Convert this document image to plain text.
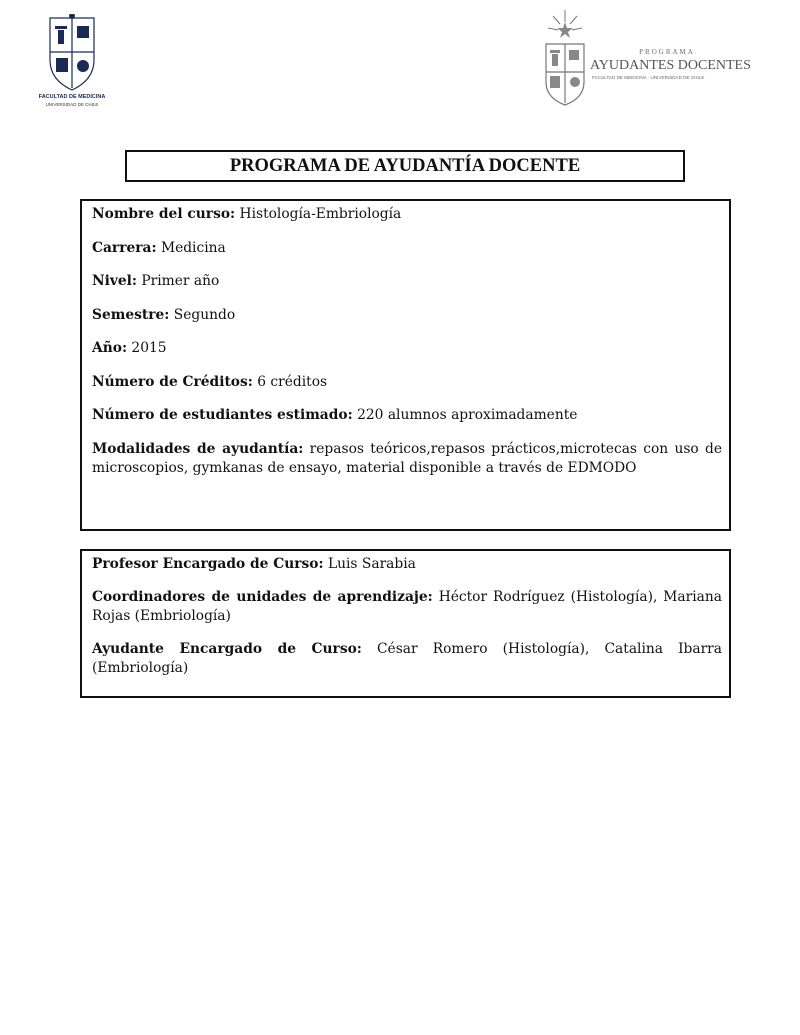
FACULTAD DE MEDICINA
UNIVERSIDAD DE CHILE
PROGRAMA
AYUDANTES DOCENTES
FACULTAD DE MEDICINA · UNIVERSIDAD DE CHILE
PROGRAMA DE AYUDANTÍA DOCENTE
Nombre del curso: Histología-Embriología
Carrera: Medicina
Nivel: Primer año
Semestre: Segundo
Año: 2015
Número de Créditos: 6 créditos
Número de estudiantes estimado: 220 alumnos aproximadamente
Modalidades de ayudantía: repasos teóricos,repasos prácticos,microtecas con uso de microscopios, gymkanas de ensayo, material disponible a través de EDMODO
Profesor Encargado de Curso: Luis Sarabia
Coordinadores de unidades de aprendizaje: Héctor Rodríguez (Histología), Mariana Rojas (Embriología)
Ayudante Encargado de Curso: César Romero (Histología), Catalina Ibarra (Embriología)
